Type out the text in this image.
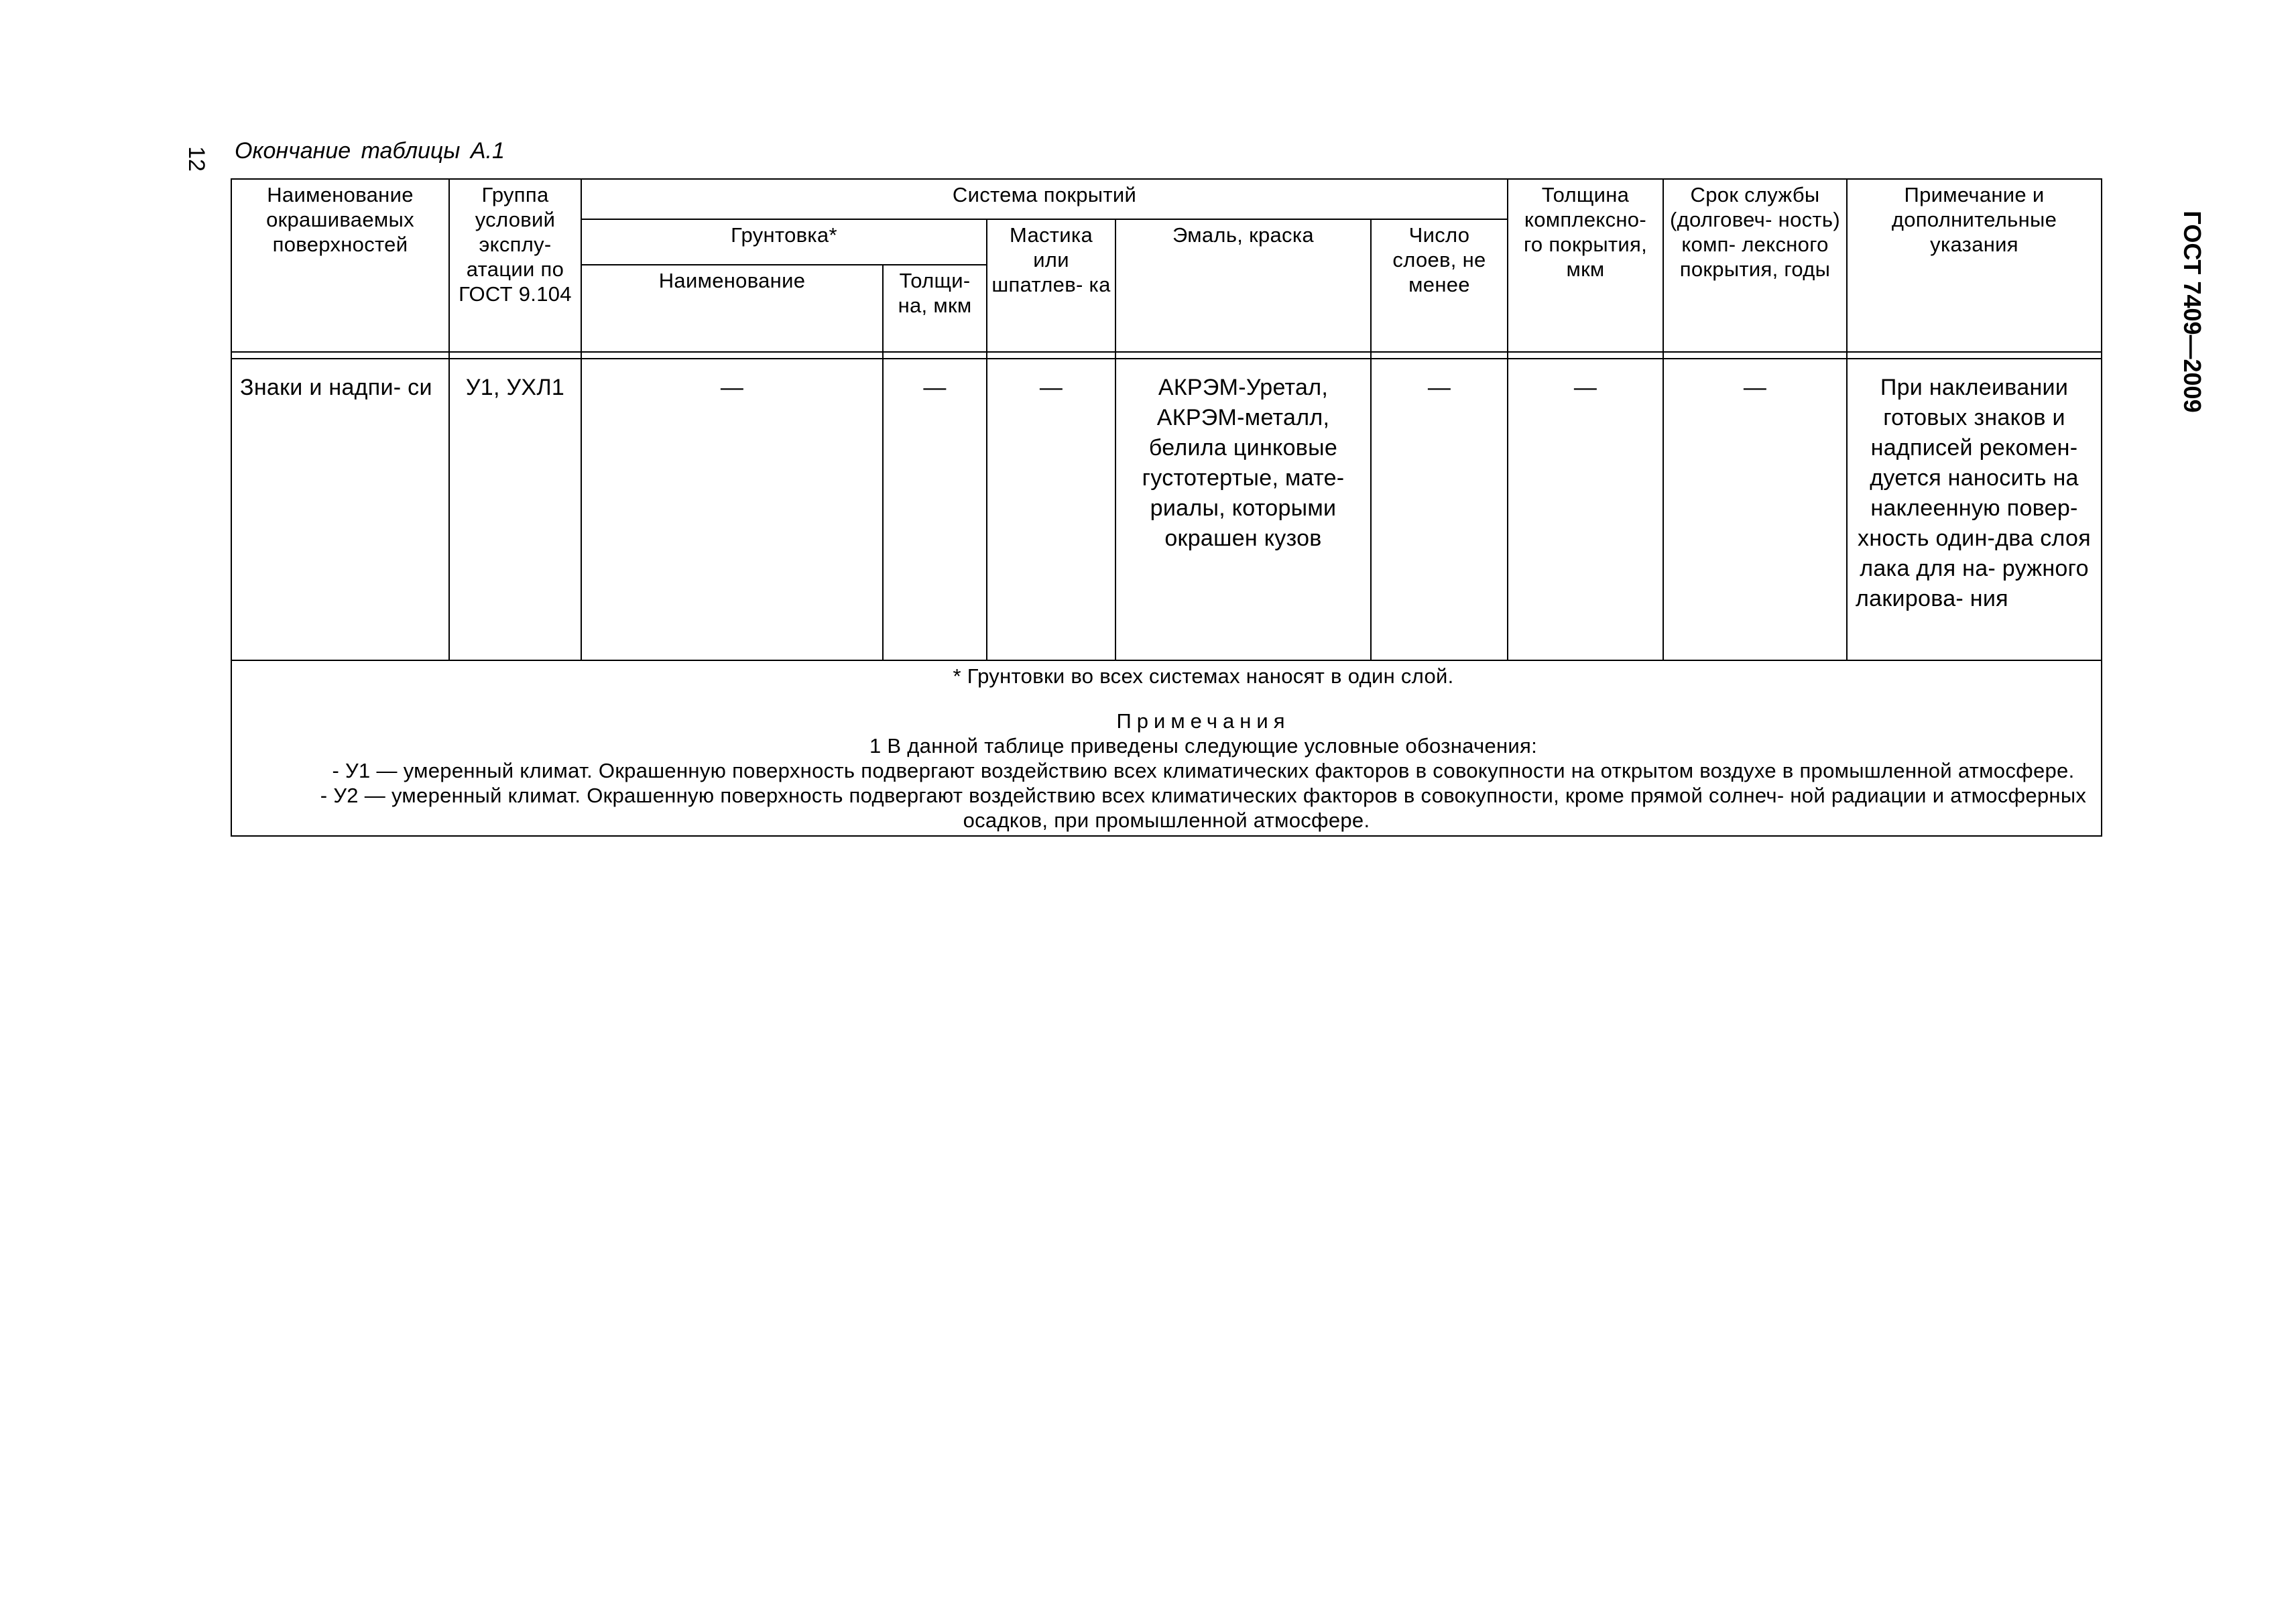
12
ГОСТ 7409—2009
Окончание таблицы А.1
Наименование окрашиваемых поверхностей	Группа условий эксплу- атации по ГОСТ 9.104	Система покрытий					Толщина комплексно- го покрытия, мкм	Срок службы (долговеч- ность) комп- лексного покрытия, годы	Примечание и дополнительные указания
		Грунтовка*		Мастика или шпатлев- ка	Эмаль, краска	Число слоев, не менее			
		Наименование	Толщи- на, мкм						

Знаки и надпи- си	У1, УХЛ1	—	—	—	АКРЭМ-Уретал, АКРЭМ-металл, белила цинковые густотертые, мате- риалы, которыми окрашен кузов	—	—	—	При наклеивании готовых знаков и надписей рекомен- дуется наносить на наклеенную повер- хность один-два слоя лака для на- ружного лакирова- ния

* Грунтовки во всех системах наносят в один слой.

Примечания

1 В данной таблице приведены следующие условные обозначения:

- У1 — умеренный климат. Окрашенную поверхность подвергают воздействию всех климатических факторов в совокупности на открытом воздухе в промышленной атмосфере.

- У2 — умеренный климат. Окрашенную поверхность подвергают воздействию всех климатических факторов в совокупности, кроме прямой солнеч- ной радиации и атмосферных осадков, при промышленной атмосфере.									
